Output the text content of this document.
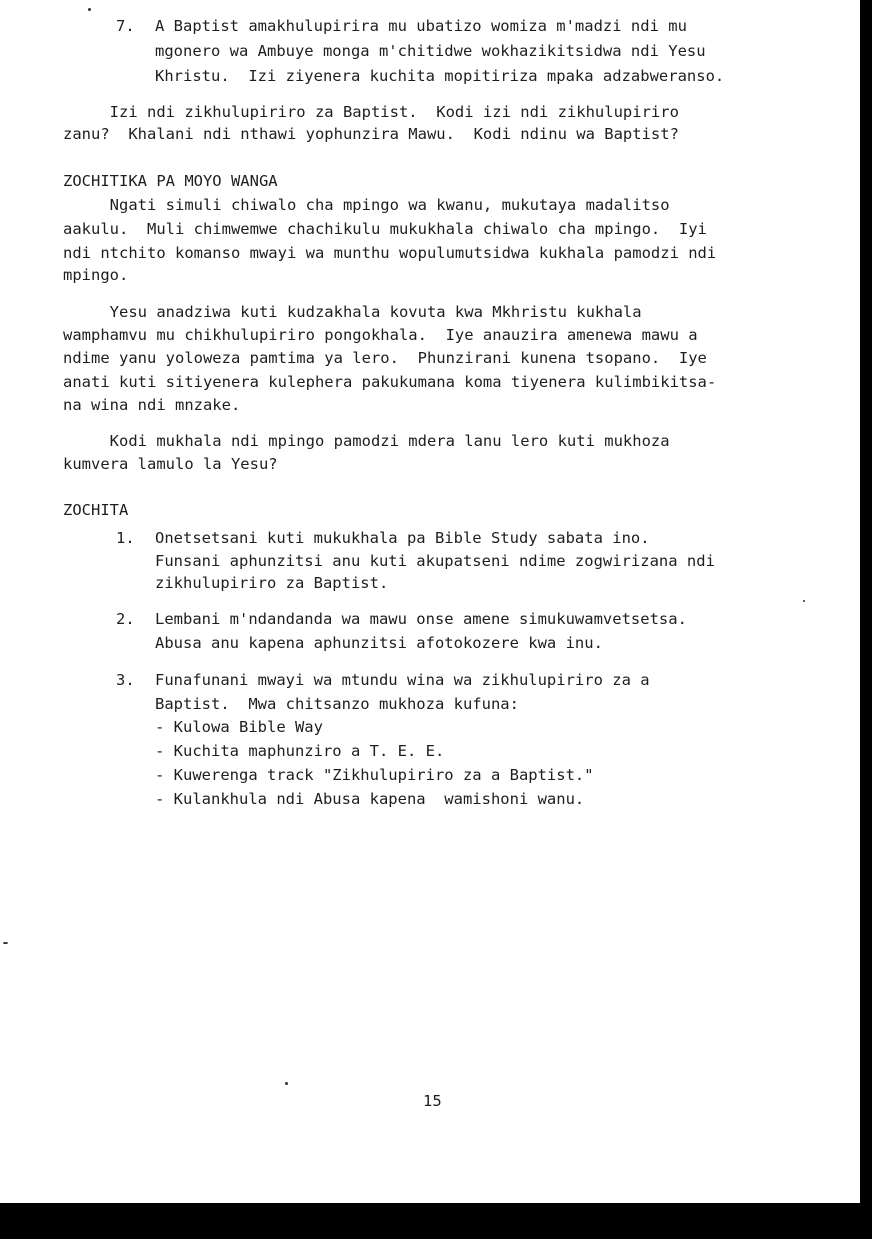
7. A Baptist amakhulupirira mu ubatizo womiza m'madzi ndi mu
mgonero wa Ambuye monga m'chitidwe wokhazikitsidwa ndi Yesu
Khristu.  Izi ziyenera kuchita mopitiriza mpaka adzabweranso.
Izi ndi zikhulupiriro za Baptist.  Kodi izi ndi zikhulupiriro
zanu?  Khalani ndi nthawi yophunzira Mawu.  Kodi ndinu wa Baptist?
ZOCHITIKA PA MOYO WANGA
Ngati simuli chiwalo cha mpingo wa kwanu, mukutaya madalitso
aakulu.  Muli chimwemwe chachikulu mukukhala chiwalo cha mpingo.  Iyi
ndi ntchito komanso mwayi wa munthu wopulumutsidwa kukhala pamodzi ndi
mpingo.
Yesu anadziwa kuti kudzakhala kovuta kwa Mkhristu kukhala
wamphamvu mu chikhulupiriro pongokhala.  Iye anauzira amenewa mawu a
ndime yanu yoloweza pamtima ya lero.  Phunzirani kunena tsopano.  Iye
anati kuti sitiyenera kulephera pakukumana koma tiyenera kulimbikitsa-
na wina ndi mnzake.
Kodi mukhala ndi mpingo pamodzi mdera lanu lero kuti mukhoza
kumvera lamulo la Yesu?
ZOCHITA
1. Onetsetsani kuti mukukhala pa Bible Study sabata ino.
Funsani aphunzitsi anu kuti akupatseni ndime zogwirizana ndi
zikhulupiriro za Baptist.
2. Lembani m'ndandanda wa mawu onse amene simukuwamvetsetsa.
Abusa anu kapena aphunzitsi afotokozere kwa inu.
3. Funafunani mwayi wa mtundu wina wa zikhulupiriro za a
Baptist.  Mwa chitsanzo mukhoza kufuna:
- Kulowa Bible Way
- Kuchita maphunziro a T. E. E.
- Kuwerenga track "Zikhulupiriro za a Baptist."
- Kulankhula ndi Abusa kapena  wamishoni wanu.
15
